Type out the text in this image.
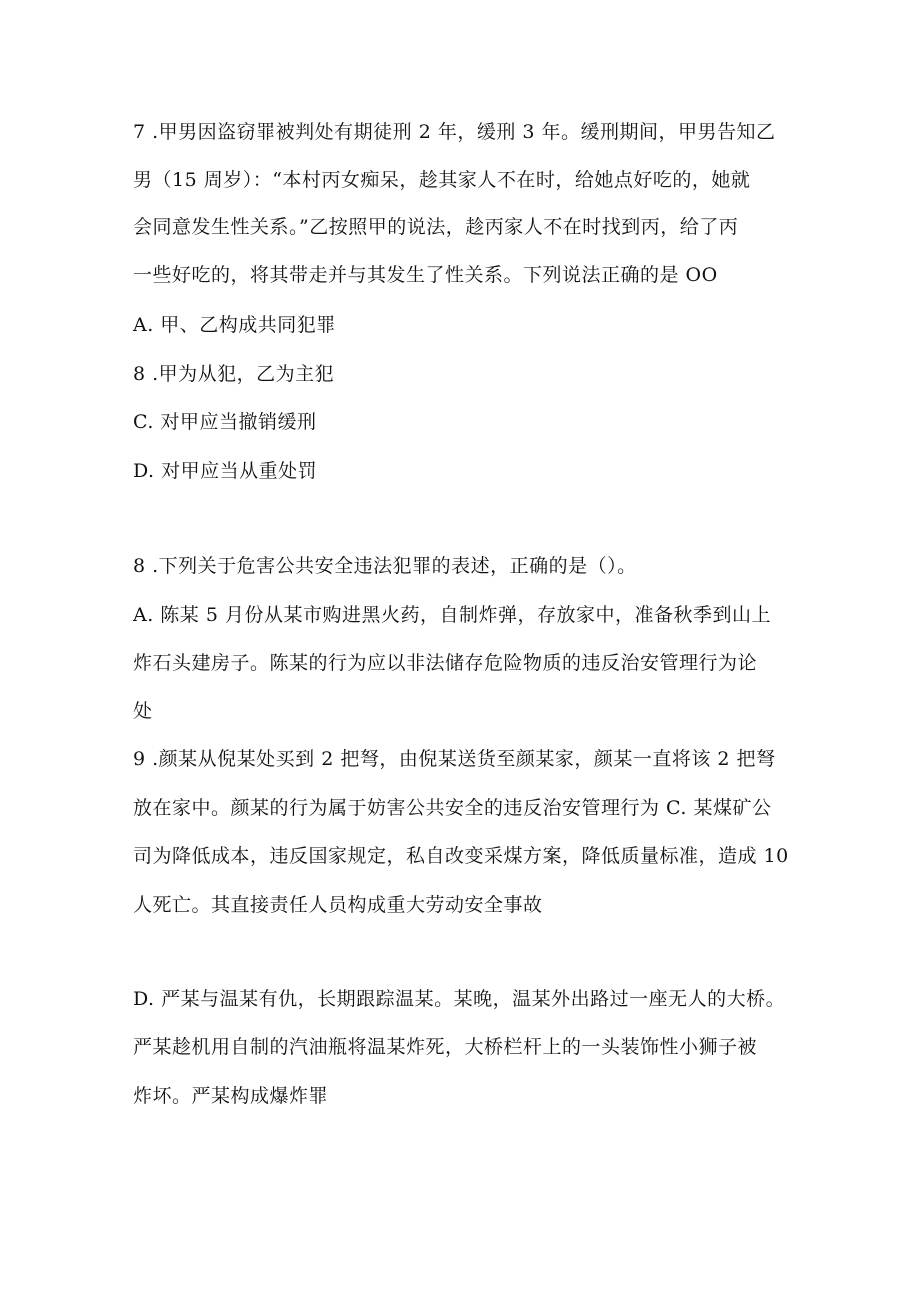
7 .甲男因盗窃罪被判处有期徒刑 2 年，缓刑 3 年。缓刑期间，甲男告知乙
男（15 周岁）：“本村丙女痴呆，趁其家人不在时，给她点好吃的，她就
会同意发生性关系。”乙按照甲的说法，趁丙家人不在时找到丙，给了丙
一些好吃的，将其带走并与其发生了性关系。下列说法正确的是 OO
A. 甲、乙构成共同犯罪
8 .甲为从犯，乙为主犯
C. 对甲应当撤销缓刑
D. 对甲应当从重处罚
8 .下列关于危害公共安全违法犯罪的表述，正确的是（）。
A. 陈某 5 月份从某市购进黑火药，自制炸弹，存放家中，准备秋季到山上
炸石头建房子。陈某的行为应以非法储存危险物质的违反治安管理行为论
处
9 .颜某从倪某处买到 2 把弩，由倪某送货至颜某家，颜某一直将该 2 把弩
放在家中。颜某的行为属于妨害公共安全的违反治安管理行为 C. 某煤矿公
司为降低成本，违反国家规定，私自改变采煤方案，降低质量标准，造成 10
人死亡。其直接责任人员构成重大劳动安全事故
D. 严某与温某有仇，长期跟踪温某。某晚，温某外出路过一座无人的大桥。
严某趁机用自制的汽油瓶将温某炸死，大桥栏杆上的一头装饰性小狮子被
炸坏。严某构成爆炸罪
